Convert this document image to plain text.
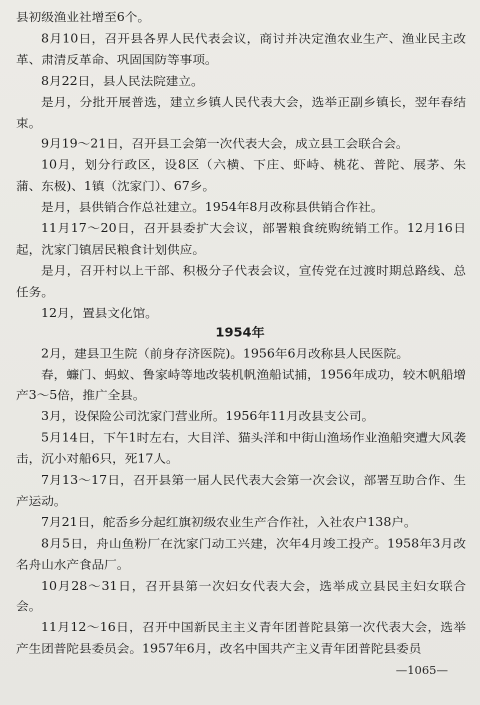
县初级渔业社增至6个。
8月10日，召开县各界人民代表会议，商讨并决定渔农业生产、渔业民主改革、肃清反革命、巩固国防等事项。
8月22日，县人民法院建立。
是月，分批开展普选，建立乡镇人民代表大会，选举正副乡镇长，翌年春结束。
9月19～21日，召开县工会第一次代表大会，成立县工会联合会。
10月，划分行政区，设8区（六横、下庄、虾峙、桃花、普陀、展茅、朱蒲、东极)、1镇（沈家门）、67乡。
是月，县供销合作总社建立。1954年8月改称县供销合作社。
11月17～20日，召开县委扩大会议，部署粮食统购统销工作。12月16日起，沈家门镇居民粮食计划供应。
是月，召开村以上干部、积极分子代表会议，宣传党在过渡时期总路线、总任务。
12月，置县文化馆。
1954年
2月，建县卫生院（前身存济医院)。1956年6月改称县人民医院。
春，蠊门、蚂蚁、鲁家峙等地改装机帆渔船试捕，1956年成功，较木帆船增产3～5倍，推广全县。
3月，设保险公司沈家门营业所。1956年11月改县支公司。
5月14日，下午1时左右，大目洋、猫头洋和中街山渔场作业渔船突遭大风袭击，沉小对船6只，死17人。
7月13～17日，召开县第一届人民代表大会第一次会议，部署互助合作、生产运动。
7月21日，舵岙乡分起红旗初级农业生产合作社，入社农户138户。
8月5日，舟山鱼粉厂在沈家门动工兴建，次年4月竣工投产。1958年3月改名舟山水产食品厂。
10月28～31日，召开县第一次妇女代表大会，选举成立县民主妇女联合会。
11月12～16日，召开中国新民主主义青年团普陀县第一次代表大会，选举产生团普陀县委员会。1957年6月，改名中国共产主义青年团普陀县委员
—1065—
